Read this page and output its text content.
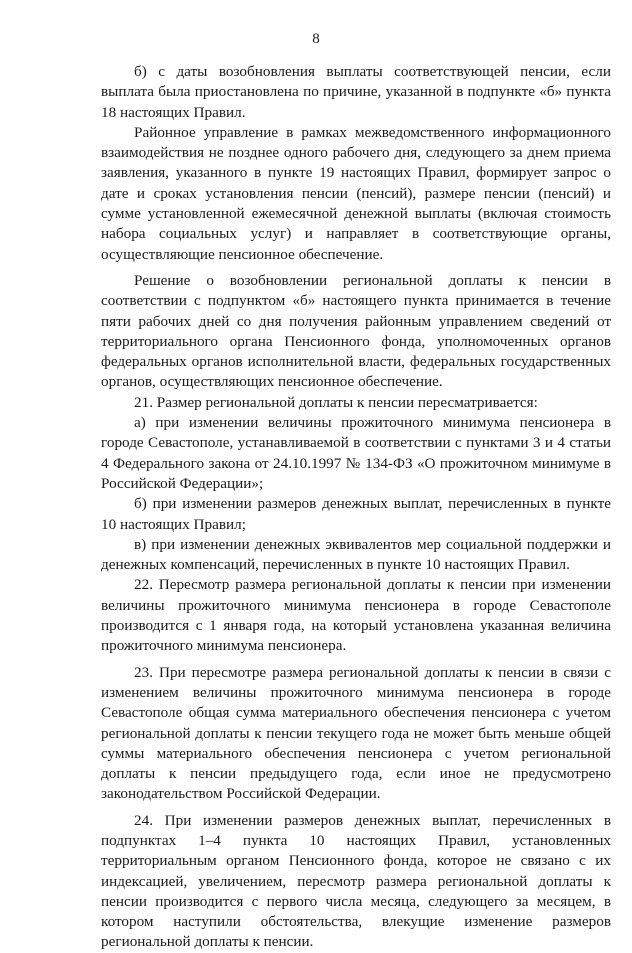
8

б) с даты возобновления выплаты соответствующей пенсии, если выплата была приостановлена по причине, указанной в подпункте «б» пункта 18 настоящих Правил.

Районное управление в рамках межведомственного информационного взаимодействия не позднее одного рабочего дня, следующего за днем приема заявления, указанного в пункте 19 настоящих Правил, формирует запрос о дате и сроках установления пенсии (пенсий), размере пенсии (пенсий) и сумме установленной ежемесячной денежной выплаты (включая стоимость набора социальных услуг) и направляет в соответствующие органы, осуществляющие пенсионное обеспечение.

Решение о возобновлении региональной доплаты к пенсии в соответствии с подпунктом «б» настоящего пункта принимается в течение пяти рабочих дней со дня получения районным управлением сведений от территориального органа Пенсионного фонда, уполномоченных органов федеральных органов исполнительной власти, федеральных государственных органов, осуществляющих пенсионное обеспечение.

21. Размер региональной доплаты к пенсии пересматривается:

а) при изменении величины прожиточного минимума пенсионера в городе Севастополе, устанавливаемой в соответствии с пунктами 3 и 4 статьи 4 Федерального закона от 24.10.1997 № 134-ФЗ «О прожиточном минимуме в Российской Федерации»;

б) при изменении размеров денежных выплат, перечисленных в пункте 10 настоящих Правил;

в) при изменении денежных эквивалентов мер социальной поддержки и денежных компенсаций, перечисленных в пункте 10 настоящих Правил.

22. Пересмотр размера региональной доплаты к пенсии при изменении величины прожиточного минимума пенсионера в городе Севастополе производится с 1 января года, на который установлена указанная величина прожиточного минимума пенсионера.

23. При пересмотре размера региональной доплаты к пенсии в связи с изменением величины прожиточного минимума пенсионера в городе Севастополе общая сумма материального обеспечения пенсионера с учетом региональной доплаты к пенсии текущего года не может быть меньше общей суммы материального обеспечения пенсионера с учетом региональной доплаты к пенсии предыдущего года, если иное не предусмотрено законодательством Российской Федерации.

24. При изменении размеров денежных выплат, перечисленных в подпунктах 1–4 пункта 10 настоящих Правил, установленных территориальным органом Пенсионного фонда, которое не связано с их индексацией, увеличением, пересмотр размера региональной доплаты к пенсии производится с первого числа месяца, следующего за месяцем, в котором наступили обстоятельства, влекущие изменение размеров региональной доплаты к пенсии.
